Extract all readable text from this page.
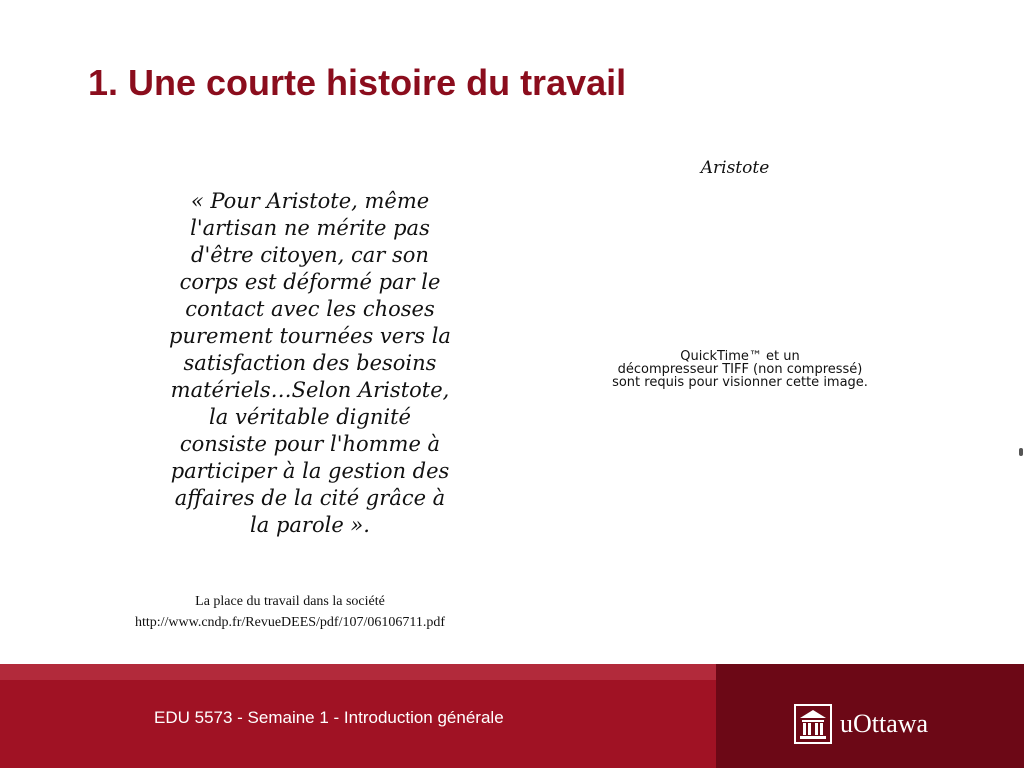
1. Une courte histoire du travail
« Pour Aristote, même
l'artisan ne mérite pas
d'être citoyen, car son
corps est déformé par le
contact avec les choses
purement tournées vers la
satisfaction des besoins
matériels…Selon Aristote,
la véritable dignité
consiste pour l'homme à
participer à la gestion des
affaires de la cité grâce à
la parole ».
Aristote
QuickTime™ et un
décompresseur TIFF (non compressé)
sont requis pour visionner cette image.
La place du travail dans la société
http://www.cndp.fr/RevueDEES/pdf/107/06106711.pdf
EDU 5573 - Semaine 1 - Introduction générale	uOttawa
